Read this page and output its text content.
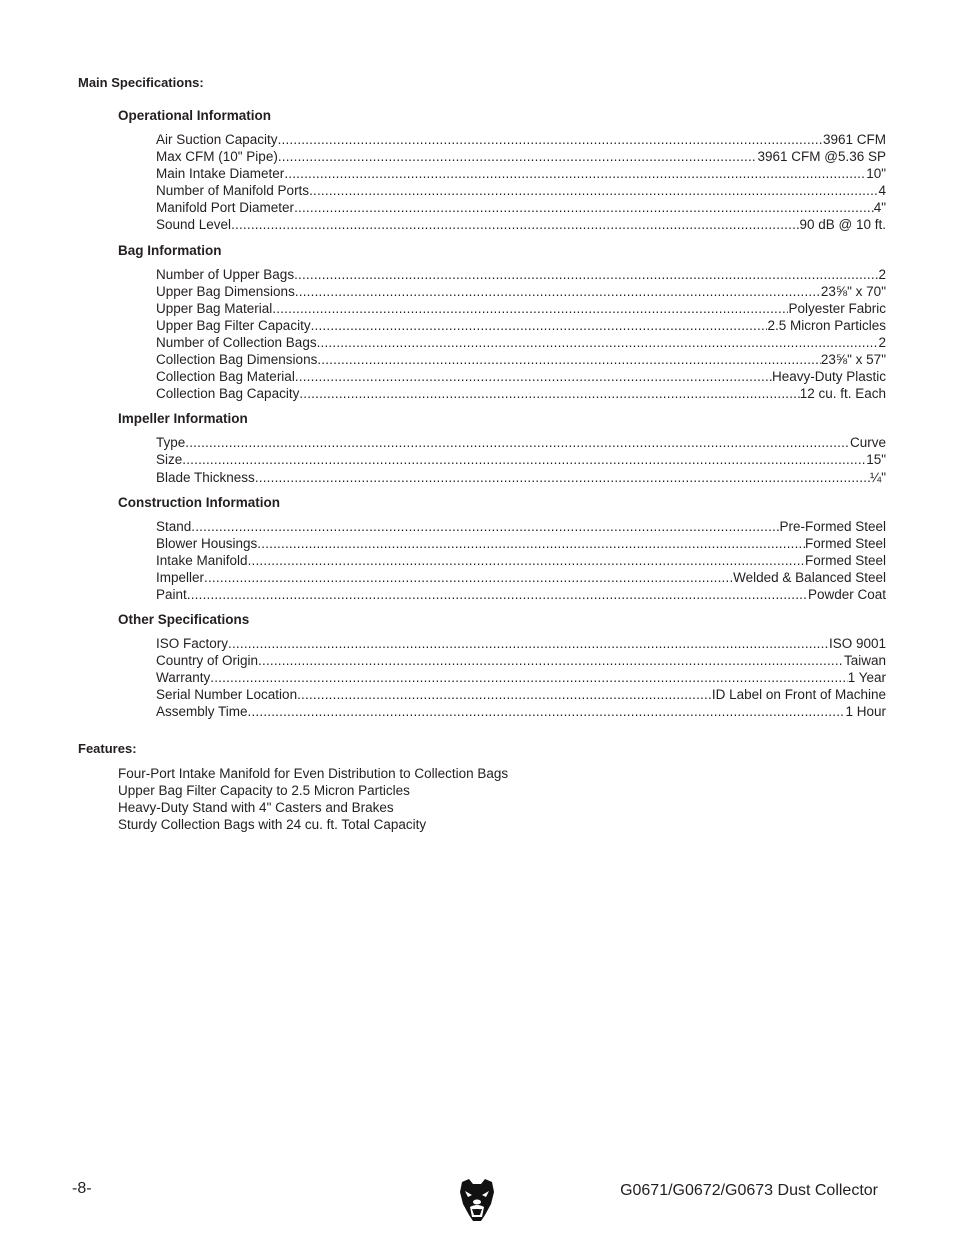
Main Specifications:
Operational Information
Air Suction Capacity .....	3961 CFM
Max CFM (10" Pipe) .....	3961 CFM @5.36 SP
Main Intake Diameter .....	10"
Number of Manifold Ports .....	4
Manifold Port Diameter .....	4"
Sound Level .....	90 dB @ 10 ft.
Bag Information
Number of Upper Bags .....	2
Upper Bag Dimensions .....	23⅝" x 70"
Upper Bag Material .....	Polyester Fabric
Upper Bag Filter Capacity .....	2.5 Micron Particles
Number of Collection Bags .....	2
Collection Bag Dimensions .....	23⅝" x 57"
Collection Bag Material .....	Heavy-Duty Plastic
Collection Bag Capacity .....	12 cu. ft. Each
Impeller Information
Type .....	Curve
Size .....	15"
Blade Thickness .....	¼"
Construction Information
Stand .....	Pre-Formed Steel
Blower Housings .....	Formed Steel
Intake Manifold .....	Formed Steel
Impeller .....	Welded & Balanced Steel
Paint .....	Powder Coat
Other Specifications
ISO Factory .....	ISO 9001
Country of Origin .....	Taiwan
Warranty .....	1 Year
Serial Number Location .....	ID Label on Front of Machine
Assembly Time .....	1 Hour
Features:
Four-Port Intake Manifold for Even Distribution to Collection Bags
Upper Bag Filter Capacity to 2.5 Micron Particles
Heavy-Duty Stand with 4" Casters and Brakes
Sturdy Collection Bags with 24 cu. ft. Total Capacity
-8-	G0671/G0672/G0673 Dust Collector
